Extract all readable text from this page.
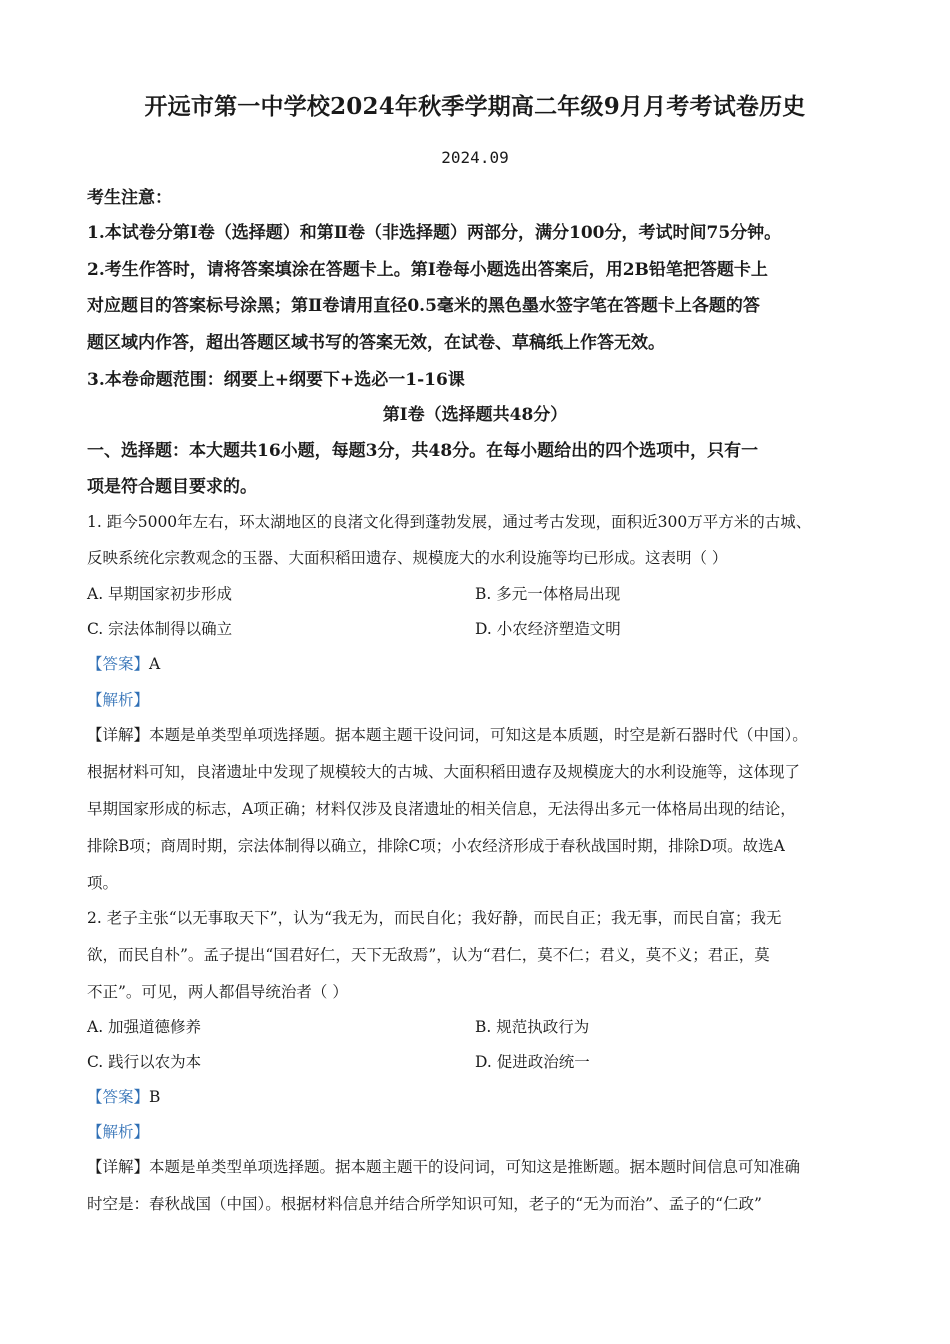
开远市第一中学校2024年秋季学期高二年级9月月考考试卷历史
2024.09
考生注意：
1.本试卷分第Ⅰ卷（选择题）和第Ⅱ卷（非选择题）两部分，满分100分，考试时间75分钟。
2.考生作答时，请将答案填涂在答题卡上。第Ⅰ卷每小题选出答案后，用2B铅笔把答题卡上
对应题目的答案标号涂黑；第Ⅱ卷请用直径0.5毫米的黑色墨水签字笔在答题卡上各题的答
题区域内作答，超出答题区域书写的答案无效，在试卷、草稿纸上作答无效。
3.本卷命题范围：纲要上+纲要下+选必一1-16课
第Ⅰ卷（选择题共48分）
一、选择题：本大题共16小题，每题3分，共48分。在每小题给出的四个选项中，只有一
项是符合题目要求的。
1. 距今5000年左右，环太湖地区的良渚文化得到蓬勃发展，通过考古发现，面积近300万平方米的古城、
反映系统化宗教观念的玉器、大面积稻田遗存、规模庞大的水利设施等均已形成。这表明（ ）
A. 早期国家初步形成	B. 多元一体格局出现
C. 宗法体制得以确立	D. 小农经济塑造文明
【答案】A
【解析】
【详解】本题是单类型单项选择题。据本题主题干设问词，可知这是本质题，时空是新石器时代（中国）。
根据材料可知，良渚遗址中发现了规模较大的古城、大面积稻田遗存及规模庞大的水利设施等，这体现了
早期国家形成的标志，A项正确；材料仅涉及良渚遗址的相关信息，无法得出多元一体格局出现的结论，
排除B项；商周时期，宗法体制得以确立，排除C项；小农经济形成于春秋战国时期，排除D项。故选A
项。
2. 老子主张“以无事取天下”，认为“我无为，而民自化；我好静，而民自正；我无事，而民自富；我无
欲，而民自朴”。孟子提出“国君好仁，天下无敌焉”，认为“君仁，莫不仁；君义，莫不义；君正，莫
不正”。可见，两人都倡导统治者（ ）
A. 加强道德修养	B. 规范执政行为
C. 践行以农为本	D. 促进政治统一
【答案】B
【解析】
【详解】本题是单类型单项选择题。据本题主题干的设问词，可知这是推断题。据本题时间信息可知准确
时空是：春秋战国（中国）。根据材料信息并结合所学知识可知，老子的“无为而治”、孟子的“仁政”
